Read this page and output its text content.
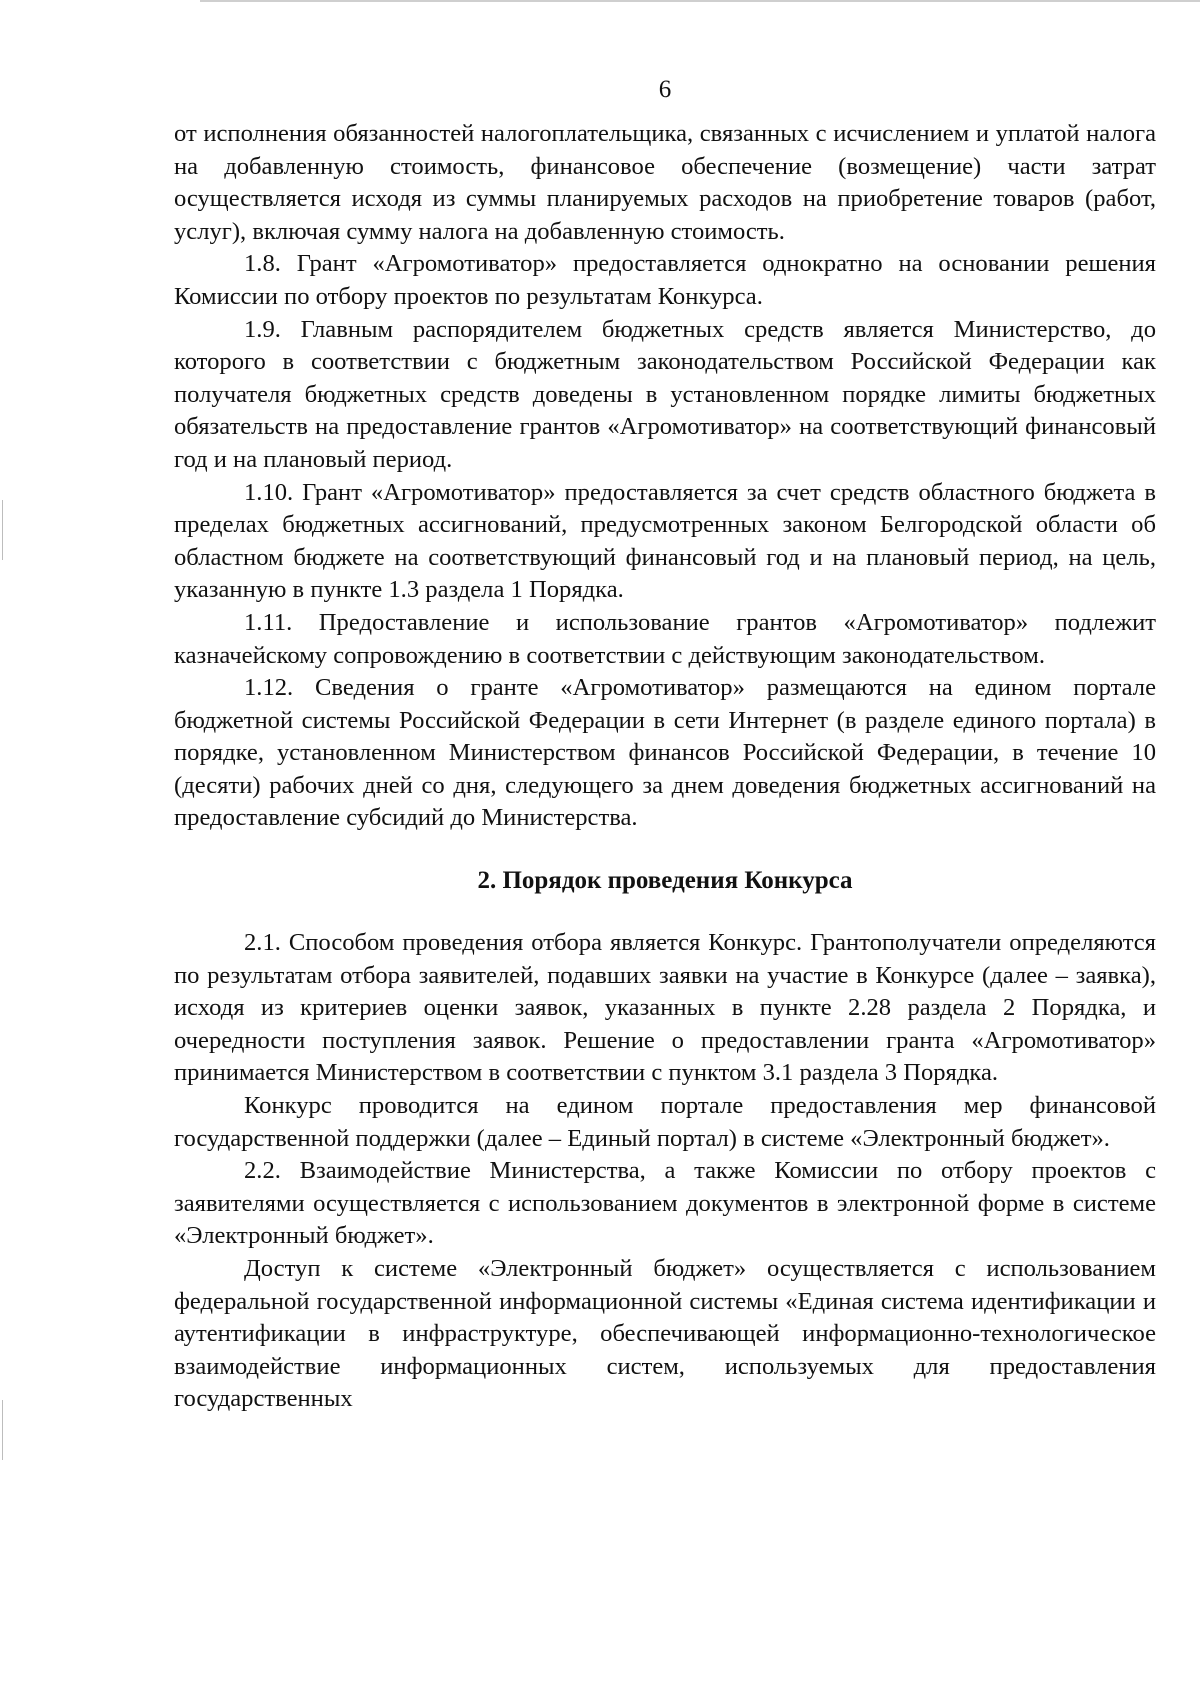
6

от исполнения обязанностей налогоплательщика, связанных с исчислением и уплатой налога на добавленную стоимость, финансовое обеспечение (возмещение) части затрат осуществляется исходя из суммы планируемых расходов на приобретение товаров (работ, услуг), включая сумму налога на добавленную стоимость.

1.8. Грант «Агромотиватор» предоставляется однократно на основании решения Комиссии по отбору проектов по результатам Конкурса.

1.9. Главным распорядителем бюджетных средств является Министерство, до которого в соответствии с бюджетным законодательством Российской Федерации как получателя бюджетных средств доведены в установленном порядке лимиты бюджетных обязательств на предоставление грантов «Агромотиватор» на соответствующий финансовый год и на плановый период.

1.10. Грант «Агромотиватор» предоставляется за счет средств областного бюджета в пределах бюджетных ассигнований, предусмотренных законом Белгородской области об областном бюджете на соответствующий финансовый год и на плановый период, на цель, указанную в пункте 1.3 раздела 1 Порядка.

1.11. Предоставление и использование грантов «Агромотиватор» подлежит казначейскому сопровождению в соответствии с действующим законодательством.

1.12. Сведения о гранте «Агромотиватор» размещаются на едином портале бюджетной системы Российской Федерации в сети Интернет (в разделе единого портала) в порядке, установленном Министерством финансов Российской Федерации, в течение 10 (десяти) рабочих дней со дня, следующего за днем доведения бюджетных ассигнований на предоставление субсидий до Министерства.

2. Порядок проведения Конкурса

2.1. Способом проведения отбора является Конкурс. Грантополучатели определяются по результатам отбора заявителей, подавших заявки на участие в Конкурсе (далее – заявка), исходя из критериев оценки заявок, указанных в пункте 2.28 раздела 2 Порядка, и очередности поступления заявок. Решение о предоставлении гранта «Агромотиватор» принимается Министерством в соответствии с пунктом 3.1 раздела 3 Порядка.

Конкурс проводится на едином портале предоставления мер финансовой государственной поддержки (далее – Единый портал) в системе «Электронный бюджет».

2.2. Взаимодействие Министерства, а также Комиссии по отбору проектов с заявителями осуществляется с использованием документов в электронной форме в системе «Электронный бюджет».

Доступ к системе «Электронный бюджет» осуществляется с использованием федеральной государственной информационной системы «Единая система идентификации и аутентификации в инфраструктуре, обеспечивающей информационно-технологическое взаимодействие информационных систем, используемых для предоставления государственных
